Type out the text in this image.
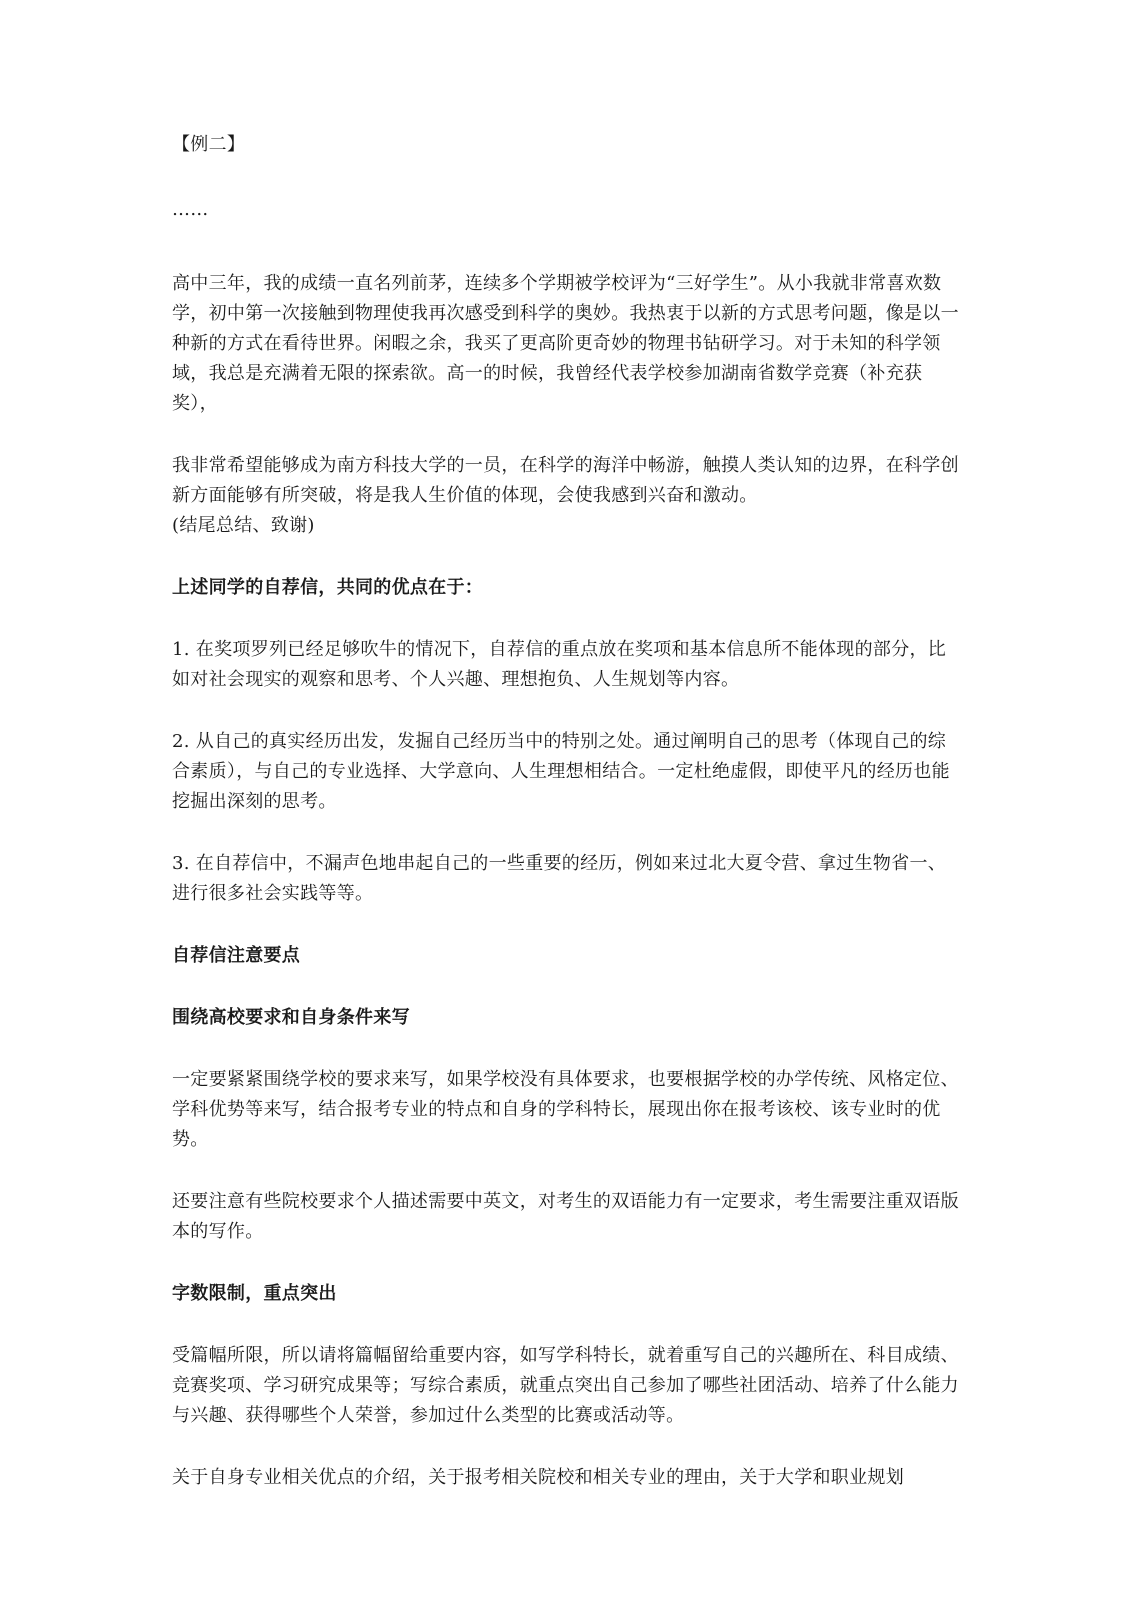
【例二】

……

高中三年，我的成绩一直名列前茅，连续多个学期被学校评为“三好学生”。从小我就非常喜欢数学，初中第一次接触到物理使我再次感受到科学的奥妙。我热衷于以新的方式思考问题，像是以一种新的方式在看待世界。闲暇之余，我买了更高阶更奇妙的物理书钻研学习。对于未知的科学领域，我总是充满着无限的探索欲。高一的时候，我曾经代表学校参加湖南省数学竞赛（补充获奖），

我非常希望能够成为南方科技大学的一员，在科学的海洋中畅游，触摸人类认知的边界，在科学创新方面能够有所突破，将是我人生价值的体现，会使我感到兴奋和激动。

(结尾总结、致谢)

上述同学的自荐信，共同的优点在于：

1. 在奖项罗列已经足够吹牛的情况下，自荐信的重点放在奖项和基本信息所不能体现的部分，比如对社会现实的观察和思考、个人兴趣、理想抱负、人生规划等内容。

2. 从自己的真实经历出发，发掘自己经历当中的特别之处。通过阐明自己的思考（体现自己的综合素质），与自己的专业选择、大学意向、人生理想相结合。一定杜绝虚假，即使平凡的经历也能挖掘出深刻的思考。

3. 在自荐信中，不漏声色地串起自己的一些重要的经历，例如来过北大夏令营、拿过生物省一、进行很多社会实践等等。

自荐信注意要点

围绕高校要求和自身条件来写

一定要紧紧围绕学校的要求来写，如果学校没有具体要求，也要根据学校的办学传统、风格定位、学科优势等来写，结合报考专业的特点和自身的学科特长，展现出你在报考该校、该专业时的优势。

还要注意有些院校要求个人描述需要中英文，对考生的双语能力有一定要求，考生需要注重双语版本的写作。

字数限制，重点突出

受篇幅所限，所以请将篇幅留给重要内容，如写学科特长，就着重写自己的兴趣所在、科目成绩、竞赛奖项、学习研究成果等；写综合素质，就重点突出自己参加了哪些社团活动、培养了什么能力与兴趣、获得哪些个人荣誉，参加过什么类型的比赛或活动等。

关于自身专业相关优点的介绍，关于报考相关院校和相关专业的理由，关于大学和职业规划
